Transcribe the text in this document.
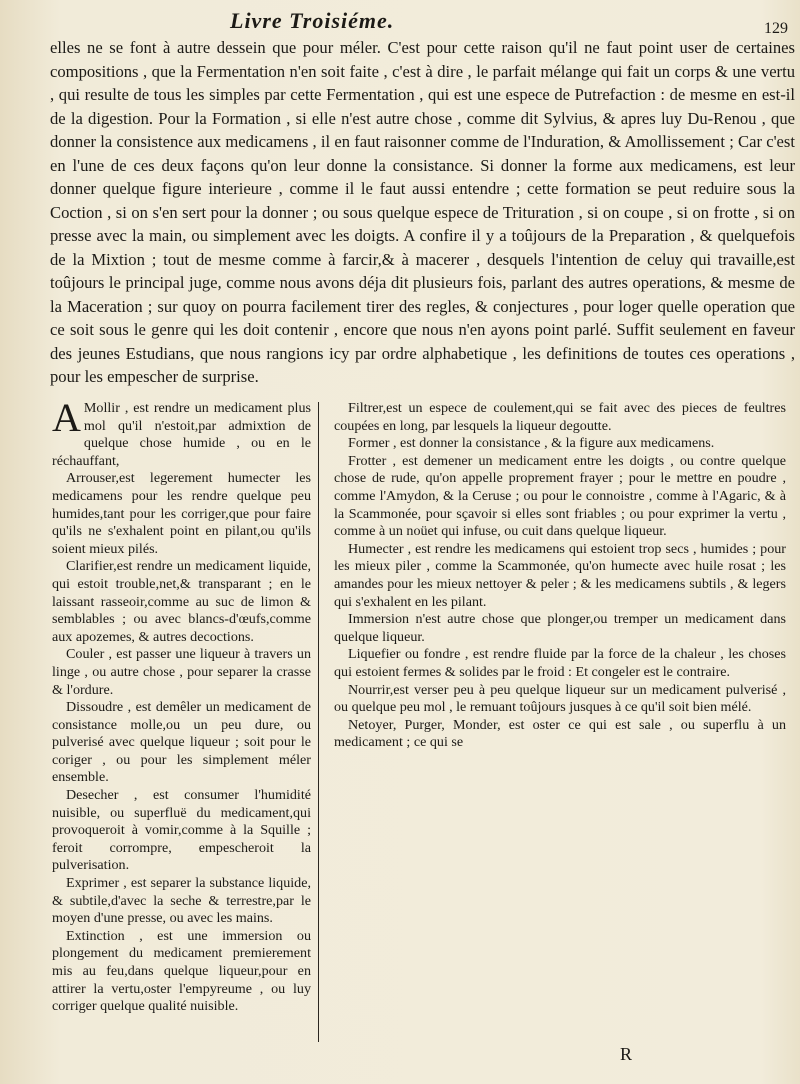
Livre Troisiéme.	129

elles ne se font à autre dessein que pour méler. C'est pour cette raison qu'il ne faut point user de certaines compositions , que la Fermentation n'en soit faite , c'est à dire , le parfait mélange qui fait un corps & une vertu , qui resulte de tous les simples par cette Fermentation , qui est une espece de Putrefaction : de mesme en est-il de la digestion. Pour la Formation , si elle n'est autre chose , comme dit Sylvius, & apres luy Du-Renou , que donner la consistence aux medicamens , il en faut raisonner comme de l'Induration, & Amollissement ; Car c'est en l'une de ces deux façons qu'on leur donne la consistance. Si donner la forme aux medicamens, est leur donner quelque figure interieure , comme il le faut aussi entendre ; cette formation se peut reduire sous la Coction , si on s'en sert pour la donner ; ou sous quelque espece de Trituration , si on coupe , si on frotte , si on presse avec la main, ou simplement avec les doigts. A confire il y a toûjours de la Preparation , & quelquefois de la Mixtion ; tout de mesme comme à farcir,& à macerer , desquels l'intention de celuy qui travaille,est toûjours le principal juge, comme nous avons déja dit plusieurs fois, parlant des autres operations, & mesme de la Maceration ; sur quoy on pourra facilement tirer des regles, & conjectures , pour loger quelle operation que ce soit sous le genre qui les doit contenir , encore que nous n'en ayons point parlé. Suffit seulement en faveur des jeunes Estudians, que nous rangions icy par ordre alphabetique , les definitions de toutes ces operations , pour les empescher de surprise.

A Mollir , est rendre un medicament plus mol qu'il n'estoit,par admixtion de quelque chose humide , ou en le réchauffant,

Arrouser,est legerement humecter les medicamens pour les rendre quelque peu humides,tant pour les corriger,que pour faire qu'ils ne s'exhalent point en pilant,ou qu'ils soient mieux pilés.

Clarifier,est rendre un medicament liquide, qui estoit trouble,net,& transparant ; en le laissant rasseoir,comme au suc de limon & semblables ; ou avec blancs-d'œufs,comme aux apozemes, & autres decoctions.

Couler , est passer une liqueur à travers un linge , ou autre chose , pour separer la crasse & l'ordure.

Dissoudre , est demêler un medicament de consistance molle,ou un peu dure, ou pulverisé avec quelque liqueur ; soit pour le coriger , ou pour les simplement méler ensemble.

Desecher , est consumer l'humidité nuisible, ou superfluë du medicament,qui provoqueroit à vomir,comme à la Squille ; feroit corrompre, empescheroit la pulverisation.

Exprimer , est separer la substance liquide, & subtile,d'avec la seche & terrestre,par le moyen d'une presse, ou avec les mains.

Extinction , est une immersion ou plongement du medicament premierement mis au feu,dans quelque liqueur,pour en attirer la vertu,oster l'empyreume , ou luy corriger quelque qualité nuisible.

Filtrer,est un espece de coulement,qui se fait avec des pieces de feultres coupées en long, par lesquels la liqueur degoutte.

Former , est donner la consistance , & la figure aux medicamens.

Frotter , est demener un medicament entre les doigts , ou contre quelque chose de rude, qu'on appelle proprement frayer ; pour le mettre en poudre , comme l'Amydon, & la Ceruse ; ou pour le connoistre , comme à l'Agaric, & à la Scammonée, pour sçavoir si elles sont friables ; ou pour exprimer la vertu , comme à un noüet qui infuse, ou cuit dans quelque liqueur.

Humecter , est rendre les medicamens qui estoient trop secs , humides ; pour les mieux piler , comme la Scammonée, qu'on humecte avec huile rosat ; les amandes pour les mieux nettoyer & peler ; & les medicamens subtils , & legers qui s'exhalent en les pilant.

Immersion n'est autre chose que plonger,ou tremper un medicament dans quelque liqueur.

Liquefier ou fondre , est rendre fluide par la force de la chaleur , les choses qui estoient fermes & solides par le froid : Et congeler est le contraire.

Nourrir,est verser peu à peu quelque liqueur sur un medicament pulverisé , ou quelque peu mol , le remuant toûjours jusques à ce qu'il soit bien mélé.

Netoyer, Purger, Monder, est oster ce qui est sale , ou superflu à un medicament ; ce qui se

R
